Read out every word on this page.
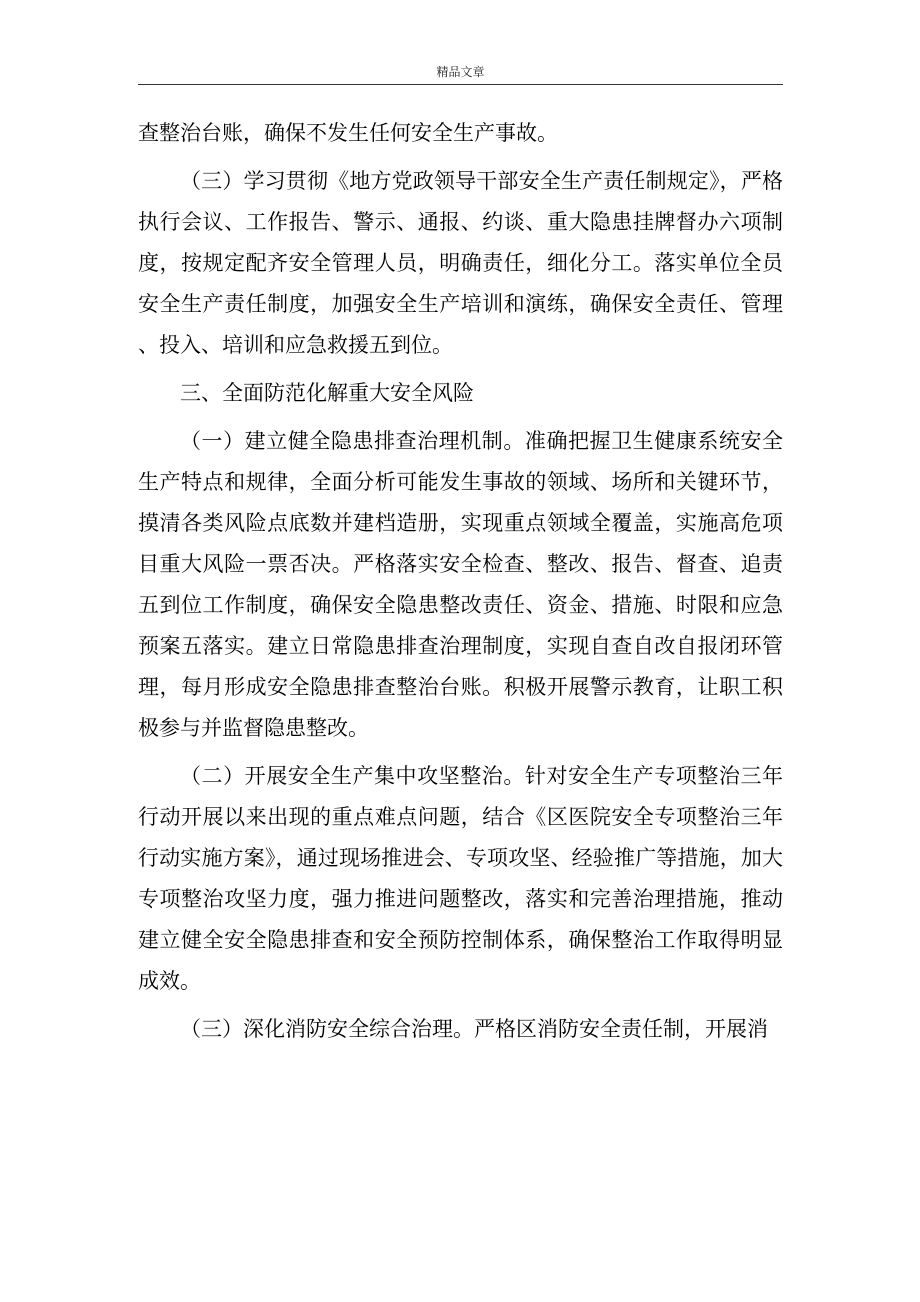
精品文章

查整治台账，确保不发生任何安全生产事故。

（三）学习贯彻《地方党政领导干部安全生产责任制规定》，严格执行会议、工作报告、警示、通报、约谈、重大隐患挂牌督办六项制度，按规定配齐安全管理人员，明确责任，细化分工。落实单位全员安全生产责任制度，加强安全生产培训和演练，确保安全责任、管理、投入、培训和应急救援五到位。

三、全面防范化解重大安全风险

（一）建立健全隐患排查治理机制。准确把握卫生健康系统安全生产特点和规律，全面分析可能发生事故的领域、场所和关键环节，摸清各类风险点底数并建档造册，实现重点领域全覆盖，实施高危项目重大风险一票否决。严格落实安全检查、整改、报告、督查、追责五到位工作制度，确保安全隐患整改责任、资金、措施、时限和应急预案五落实。建立日常隐患排查治理制度，实现自查自改自报闭环管理，每月形成安全隐患排查整治台账。积极开展警示教育，让职工积极参与并监督隐患整改。

（二）开展安全生产集中攻坚整治。针对安全生产专项整治三年行动开展以来出现的重点难点问题，结合《区医院安全专项整治三年行动实施方案》，通过现场推进会、专项攻坚、经验推广等措施，加大专项整治攻坚力度，强力推进问题整改，落实和完善治理措施，推动建立健全安全隐患排查和安全预防控制体系，确保整治工作取得明显成效。

（三）深化消防安全综合治理。严格区消防安全责任制，开展消
